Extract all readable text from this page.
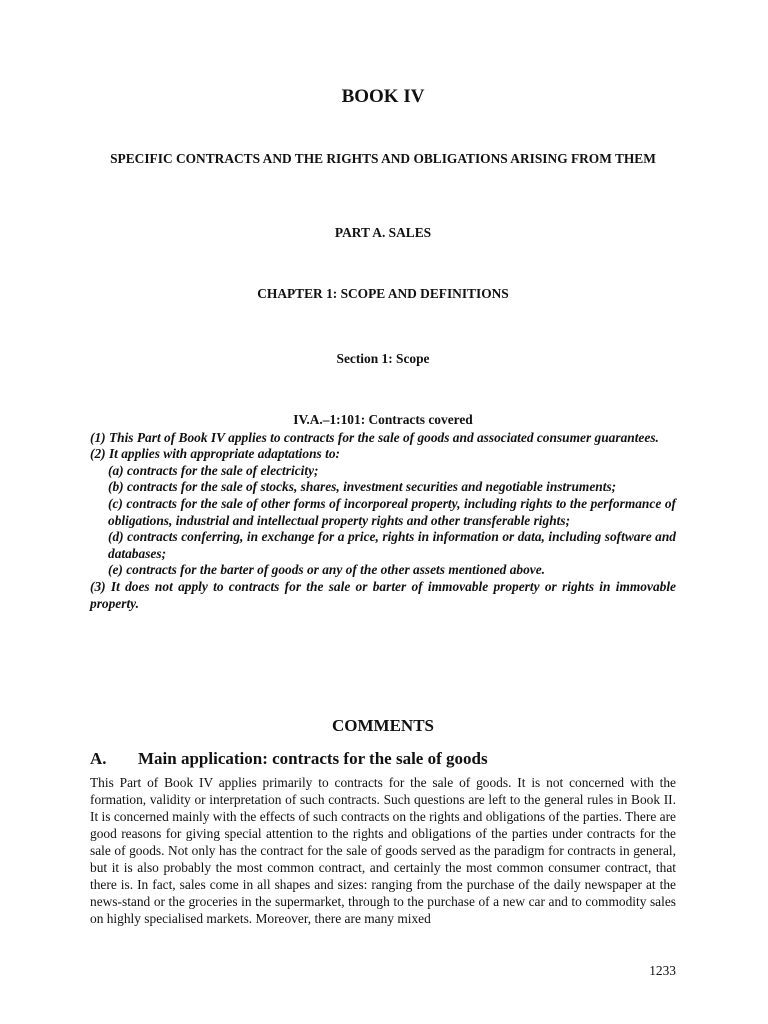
BOOK IV
SPECIFIC CONTRACTS AND THE RIGHTS AND OBLIGATIONS ARISING FROM THEM
PART A. SALES
CHAPTER 1: SCOPE AND DEFINITIONS
Section 1: Scope
IV.A.–1:101: Contracts covered

(1) This Part of Book IV applies to contracts for the sale of goods and associated consumer guarantees.

(2) It applies with appropriate adaptations to:

(a) contracts for the sale of electricity;

(b) contracts for the sale of stocks, shares, investment securities and negotiable instruments;

(c) contracts for the sale of other forms of incorporeal property, including rights to the performance of obligations, industrial and intellectual property rights and other transferable rights;

(d) contracts conferring, in exchange for a price, rights in information or data, including software and databases;

(e) contracts for the barter of goods or any of the other assets mentioned above.

(3) It does not apply to contracts for the sale or barter of immovable property or rights in immovable property.

COMMENTS
A. Main application: contracts for the sale of goods

This Part of Book IV applies primarily to contracts for the sale of goods. It is not concerned with the formation, validity or interpretation of such contracts. Such questions are left to the general rules in Book II. It is concerned mainly with the effects of such contracts on the rights and obligations of the parties. There are good reasons for giving special attention to the rights and obligations of the parties under contracts for the sale of goods. Not only has the contract for the sale of goods served as the paradigm for contracts in general, but it is also probably the most common contract, and certainly the most common consumer contract, that there is. In fact, sales come in all shapes and sizes: ranging from the purchase of the daily newspaper at the news-stand or the groceries in the supermarket, through to the purchase of a new car and to commodity sales on highly specialised markets. Moreover, there are many mixed

1233
